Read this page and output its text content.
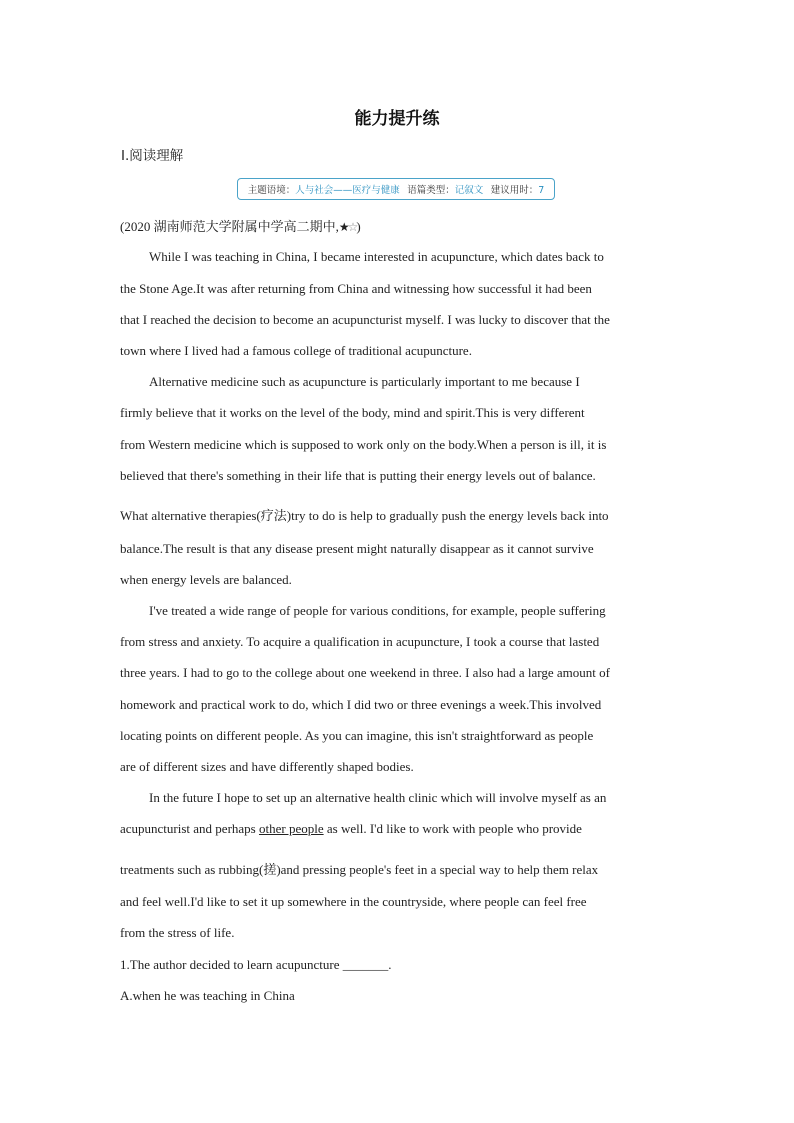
能力提升练
Ⅰ.阅读理解
主题语境：人与社会——医疗与健康 语篇类型：记叙文 建议用时：7
(2020 湖南师范大学附属中学高二期中,★☆)
While I was teaching in China, I became interested in acupuncture, which dates back to
the Stone Age.It was after returning from China and witnessing how successful it had been
that I reached the decision to become an acupuncturist myself. I was lucky to discover that the
town where I lived had a famous college of traditional acupuncture.
Alternative medicine such as acupuncture is particularly important to me because I
firmly believe that it works on the level of the body, mind and spirit.This is very different
from Western medicine which is supposed to work only on the body.When a person is ill, it is
believed that there's something in their life that is putting their energy levels out of balance.
What alternative therapies(疗法)try to do is help to gradually push the energy levels back into
balance.The result is that any disease present might naturally disappear as it cannot survive
when energy levels are balanced.
I've treated a wide range of people for various conditions, for example, people suffering
from stress and anxiety. To acquire a qualification in acupuncture, I took a course that lasted
three years. I had to go to the college about one weekend in three. I also had a large amount of
homework and practical work to do, which I did two or three evenings a week.This involved
locating points on different people. As you can imagine, this isn't straightforward as people
are of different sizes and have differently shaped bodies.
In the future I hope to set up an alternative health clinic which will involve myself as an
acupuncturist and perhaps other people as well. I'd like to work with people who provide
treatments such as rubbing(搓)and pressing people's feet in a special way to help them relax
and feel well.I'd like to set it up somewhere in the countryside, where people can feel free
from the stress of life.
1.The author decided to learn acupuncture _______.
A.when he was teaching in China
